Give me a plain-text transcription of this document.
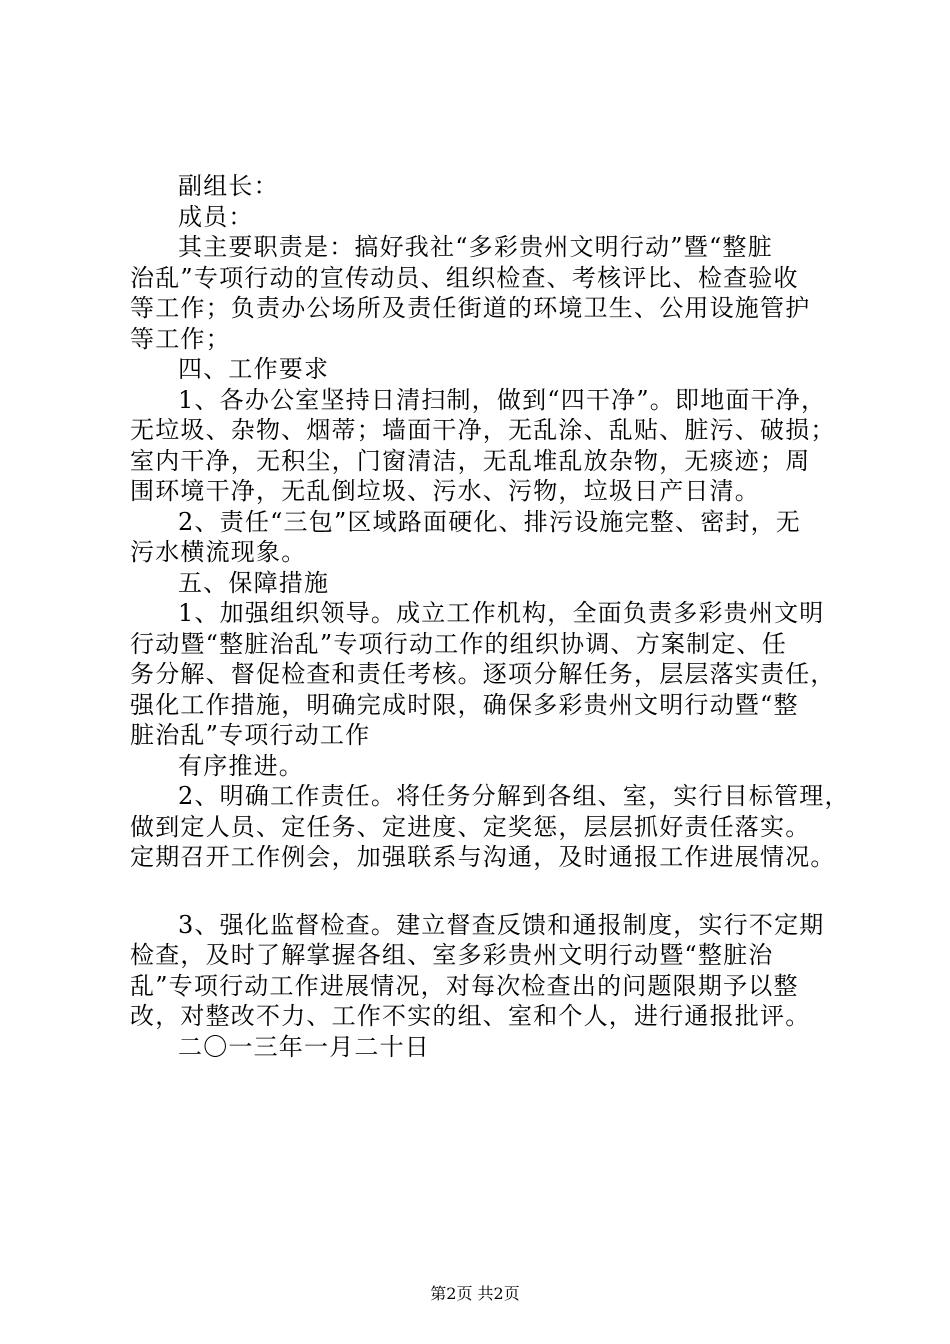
副组长：
成员：
其主要职责是：搞好我社“多彩贵州文明行动”暨“整脏
治乱”专项行动的宣传动员、组织检查、考核评比、检查验收
等工作；负责办公场所及责任街道的环境卫生、公用设施管护
等工作；
四、工作要求
1、各办公室坚持日清扫制，做到“四干净”。即地面干净，
无垃圾、杂物、烟蒂；墙面干净，无乱涂、乱贴、脏污、破损；
室内干净，无积尘，门窗清洁，无乱堆乱放杂物，无痰迹；周
围环境干净，无乱倒垃圾、污水、污物，垃圾日产日清。
2、责任“三包”区域路面硬化、排污设施完整、密封，无
污水横流现象。
五、保障措施
1、加强组织领导。成立工作机构，全面负责多彩贵州文明
行动暨“整脏治乱”专项行动工作的组织协调、方案制定、任
务分解、督促检查和责任考核。逐项分解任务，层层落实责任，
强化工作措施，明确完成时限，确保多彩贵州文明行动暨“整
脏治乱”专项行动工作
有序推进。
2、明确工作责任。将任务分解到各组、室，实行目标管理，
做到定人员、定任务、定进度、定奖惩，层层抓好责任落实。
定期召开工作例会，加强联系与沟通，及时通报工作进展情况。
3、强化监督检查。建立督查反馈和通报制度，实行不定期
检查，及时了解掌握各组、室多彩贵州文明行动暨“整脏治
乱”专项行动工作进展情况，对每次检查出的问题限期予以整
改，对整改不力、工作不实的组、室和个人，进行通报批评。
二〇一三年一月二十日
第2页 共2页
